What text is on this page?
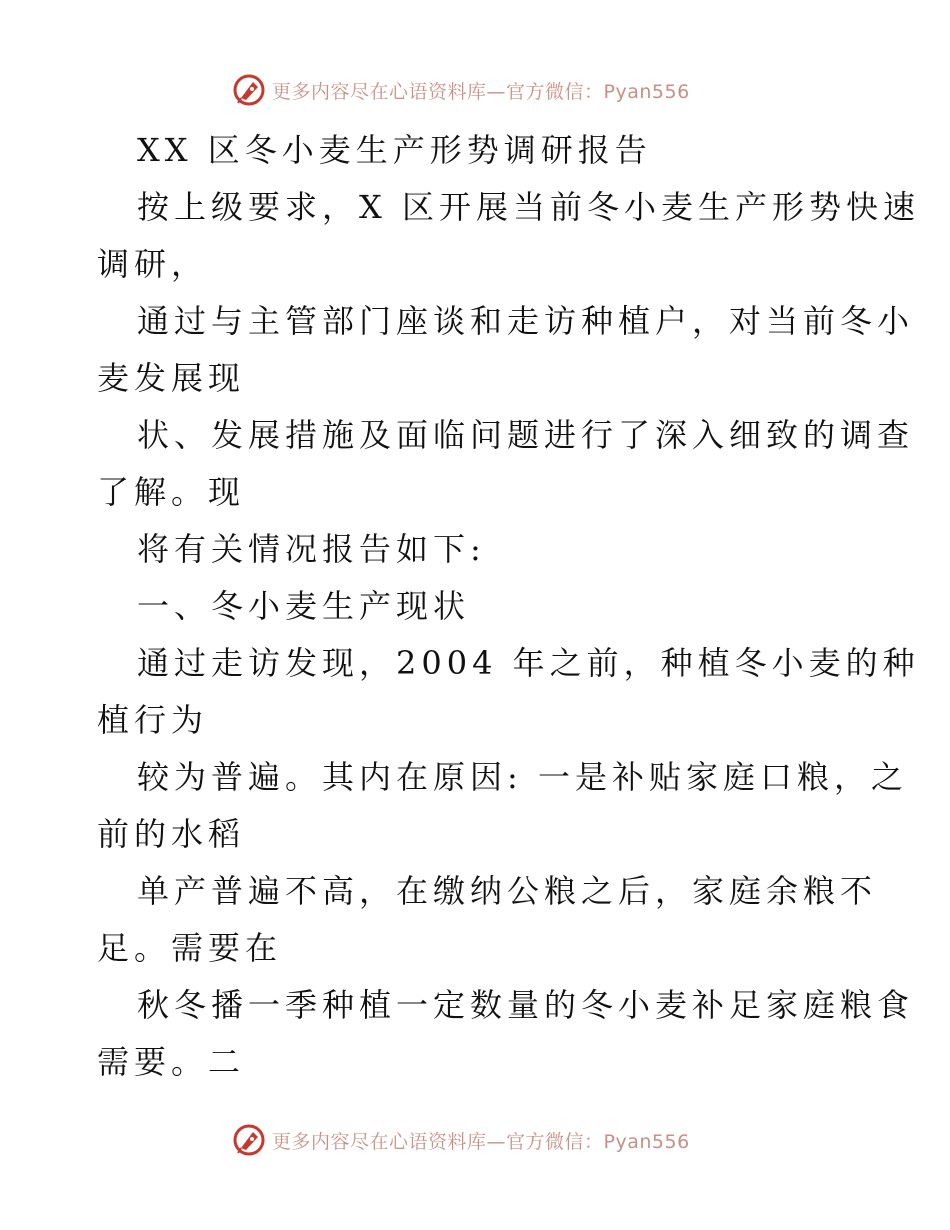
更多内容尽在心语资料库—官方微信：Pyan556
XX 区冬小麦生产形势调研报告
按上级要求，X 区开展当前冬小麦生产形势快速
调研，
通过与主管部门座谈和走访种植户，对当前冬小
麦发展现
状、发展措施及面临问题进行了深入细致的调查
了解。现
将有关情况报告如下:
一、冬小麦生产现状
通过走访发现，2004 年之前，种植冬小麦的种
植行为
较为普遍。其内在原因: 一是补贴家庭口粮，之
前的水稻
单产普遍不高，在缴纳公粮之后，家庭余粮不
足。需要在
秋冬播一季种植一定数量的冬小麦补足家庭粮食
需要。二
更多内容尽在心语资料库—官方微信：Pyan556
